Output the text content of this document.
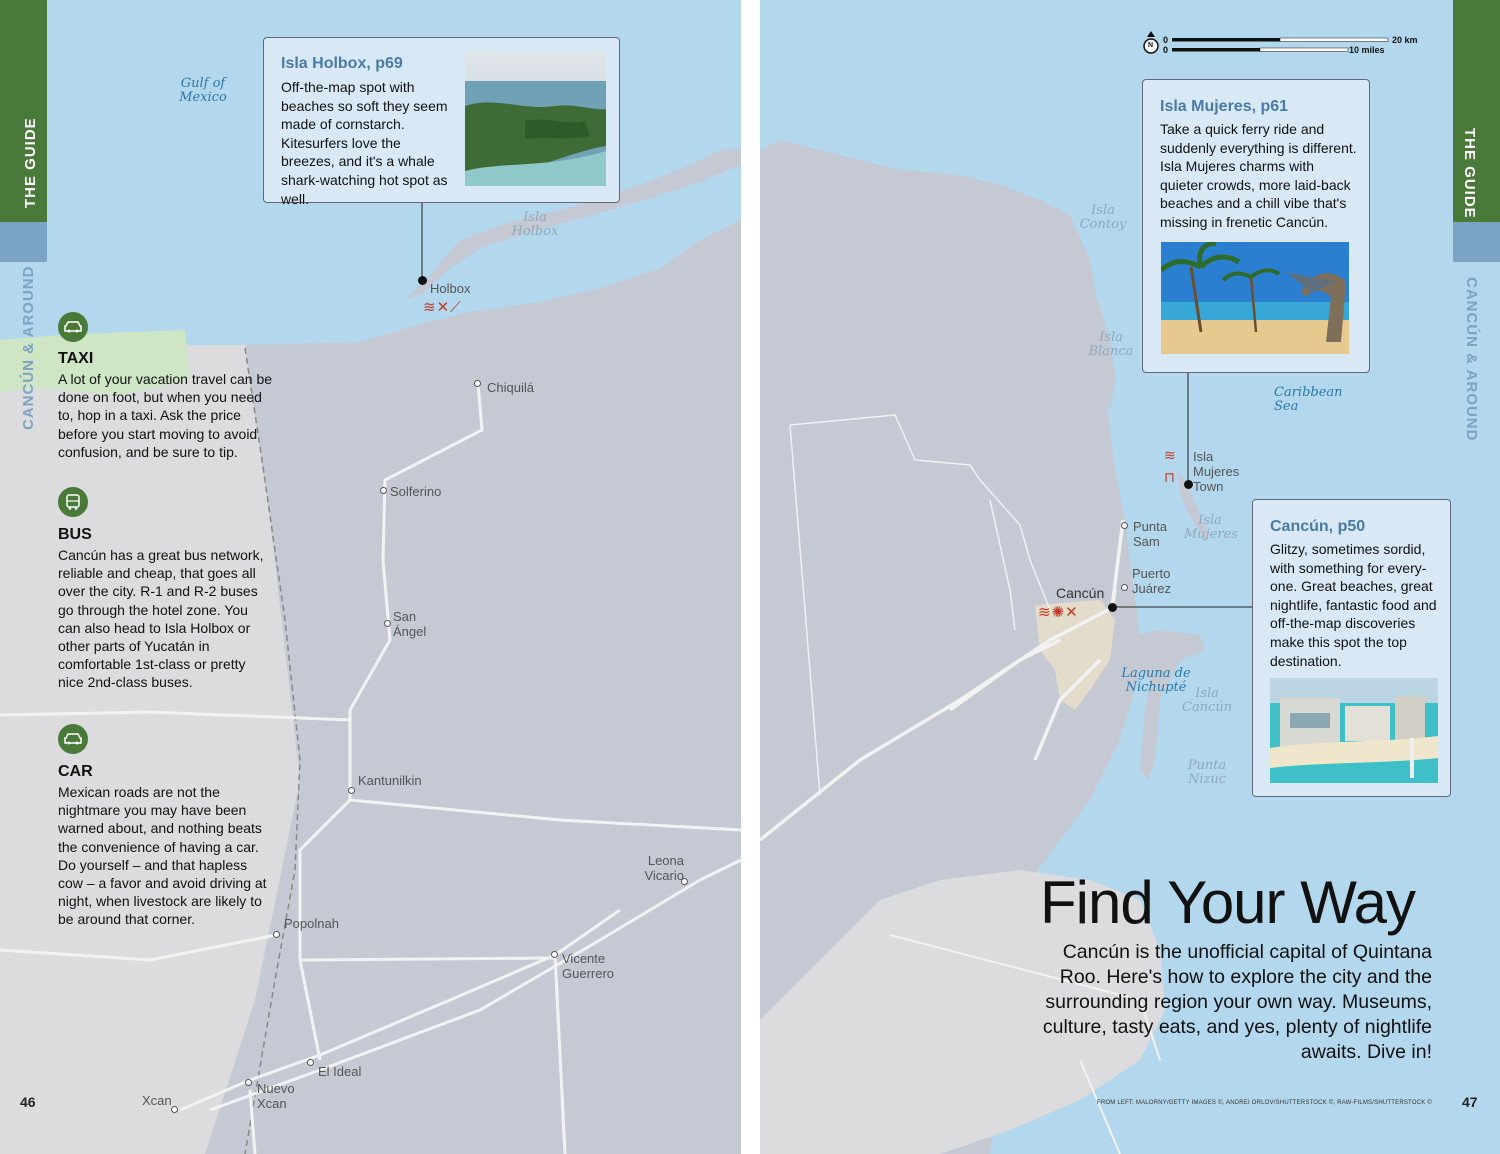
THE GUIDE
CANCÚN & AROUND TAXI
A lot of your vacation travel can be done on foot, but when you need to, hop in a taxi. Ask the price before you start moving to avoid confusion, and be sure to tip.
BUS
Cancún has a great bus network, reliable and cheap, that goes all over the city. R-1 and R-2 buses go through the hotel zone. You can also head to Isla Holbox or other parts of Yucatán in comfortable 1st-class or pretty nice 2nd-class buses.
CAR
Mexican roads are not the nightmare you may have been warned about, and nothing beats the convenience of having a car. Do yourself – and that hapless cow – a favor and avoid driving at night, when livestock are likely to be around that corner.
Isla Holbox, p69
Off-the-map spot with beaches so soft they seem made of cornstarch. Kitesurfers love the breezes, and it's a whale shark-watching hot spot as well.
Gulf of Mexico
Isla Holbox
Holbox
≋✕⟋
Chiquilá
Solferino
San Ángel
Kantunilkin
Leona Vicario
Popolnah
Vicente Guerrero
El Ideal
Nuevo Xcan
Xcan
46
N
0	20 km
0	10 miles
THE GUIDE
CANCÚN & AROUND
Isla Mujeres, p61
Take a quick ferry ride and suddenly everything is different. Isla Mujeres charms with quieter crowds, more laid-back beaches and a chill vibe that's missing in frenetic Cancún.
Cancún, p50
Glitzy, sometimes sordid, with something for every-one. Great beaches, great nightlife, fantastic food and off-the-map discoveries make this spot the top destination.
Isla Contoy
Isla Blanca
Caribbean Sea
Isla Mujeres
Laguna de Nichupté Isla Cancún
Punta Nizuc
≋
⊓
Isla Mujeres Town
Punta Sam
Puerto Juárez
Cancún
≋✺✕
Find Your Way
Cancún is the unofficial capital of Quintana Roo. Here's how to explore the city and the surrounding region your own way. Museums, culture, tasty eats, and yes, plenty of nightlife awaits. Dive in!
FROM LEFT: MALORNY/GETTY IMAGES ©, ANDREI ORLOV/SHUTTERSTOCK ©, RAW-FILMS/SHUTTERSTOCK © 47
